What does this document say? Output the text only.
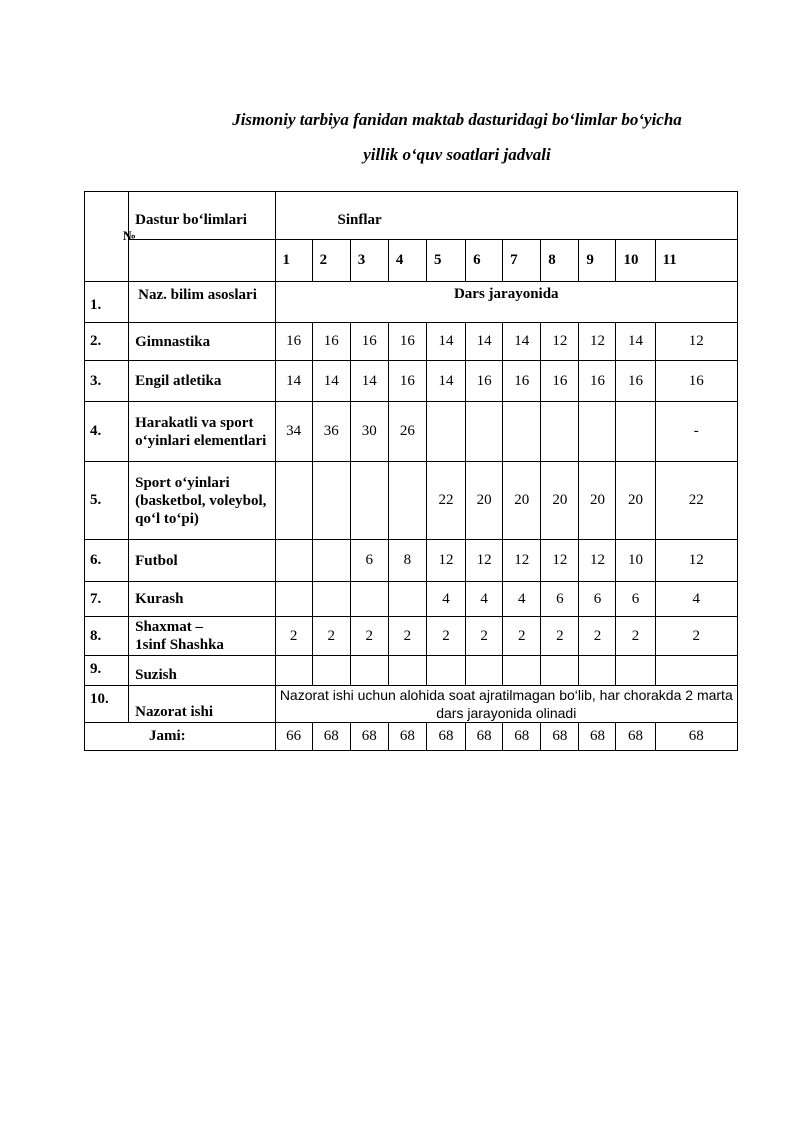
Jismoniy tarbiya fanidan maktab dasturidagi bo‘limlar bo‘yicha
yillik o‘quv soatlari jadvali
№	Dastur bo‘limlari	Sinflar										
		1	2	3	4	5	6	7	8	9	10	11
1.	Naz. bilim asoslari	Dars jarayonida										
2.	Gimnastika	16	16	16	16	14	14	14	12	12	14	12
3.	Engil atletika	14	14	14	16	14	16	16	16	16	16	16
4.	Harakatli va sport o‘yinlari elementlari	34	36	30	26							-
5.	Sport o‘yinlari (basketbol, voleybol, qo‘l to‘pi)					22	20	20	20	20	20	22
6.	Futbol			6	8	12	12	12	12	12	10	12
7.	Kurash					4	4	4	6	6	6	4
8.	Shaxmat –
1sinf Shashka	2	2	2	2	2	2	2	2	2	2	2
9.	Suzish											
10.	Nazorat ishi	Nazorat ishi uchun alohida soat ajratilmagan bo‘lib, har chorakda 2 marta dars jarayonida olinadi										
Jami:		66	68	68	68	68	68	68	68	68	68	68
